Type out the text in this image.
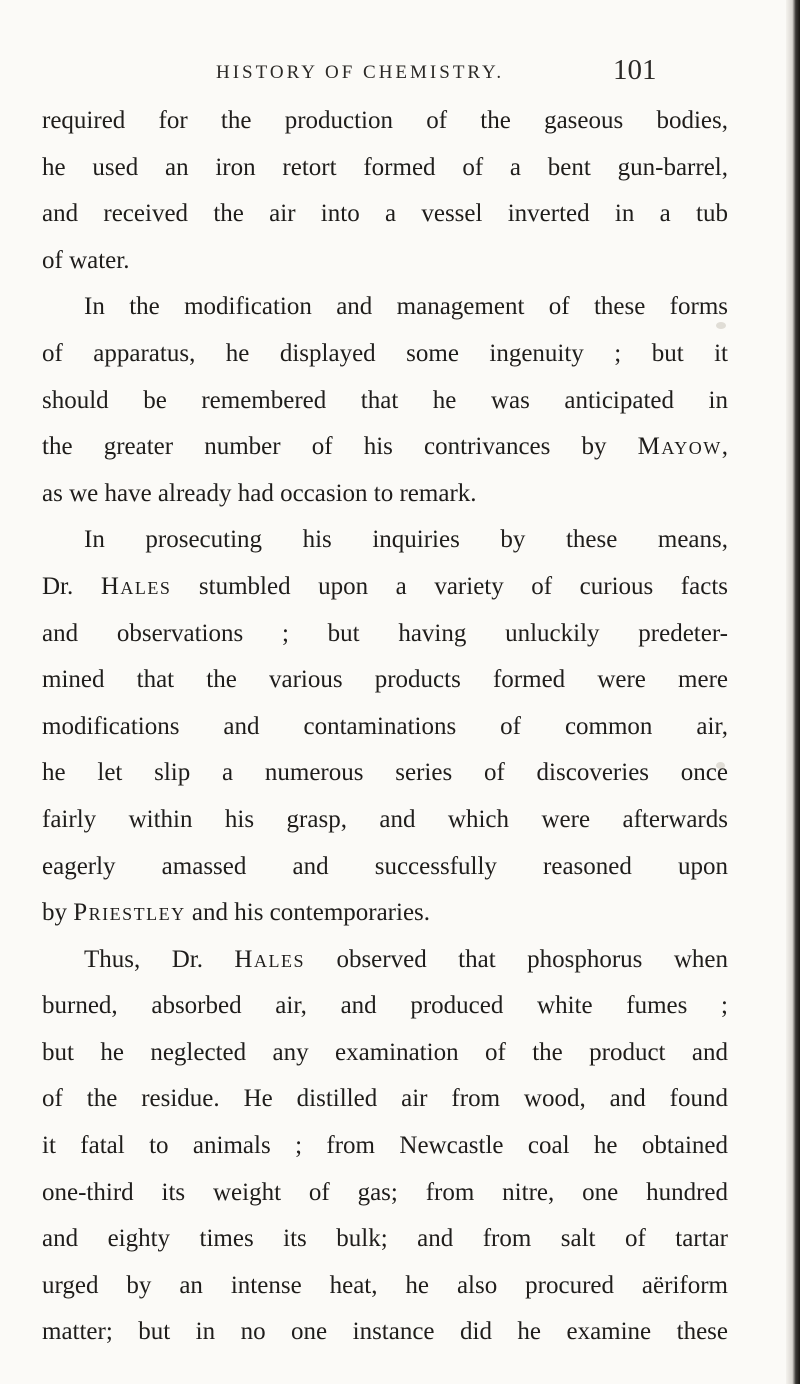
HISTORY OF CHEMISTRY.	101
required for the production of the gaseous bodies,
he used an iron retort formed of a bent gun-barrel,
and received the air into a vessel inverted in a tub
of water.
In the modification and management of these forms
of apparatus, he displayed some ingenuity ; but it
should be remembered that he was anticipated in
the greater number of his contrivances by Mayow,
as we have already had occasion to remark.
In prosecuting his inquiries by these means,
Dr. Hales stumbled upon a variety of curious facts
and observations ; but having unluckily predeter-
mined that the various products formed were mere
modifications and contaminations of common air,
he let slip a numerous series of discoveries once
fairly within his grasp, and which were afterwards
eagerly amassed and successfully reasoned upon
by Priestley and his contemporaries.
Thus, Dr. Hales observed that phosphorus when
burned, absorbed air, and produced white fumes ;
but he neglected any examination of the product and
of the residue. He distilled air from wood, and found
it fatal to animals ; from Newcastle coal he obtained
one-third its weight of gas; from nitre, one hundred
and eighty times its bulk; and from salt of tartar
urged by an intense heat, he also procured aëriform
matter; but in no one instance did he examine these
